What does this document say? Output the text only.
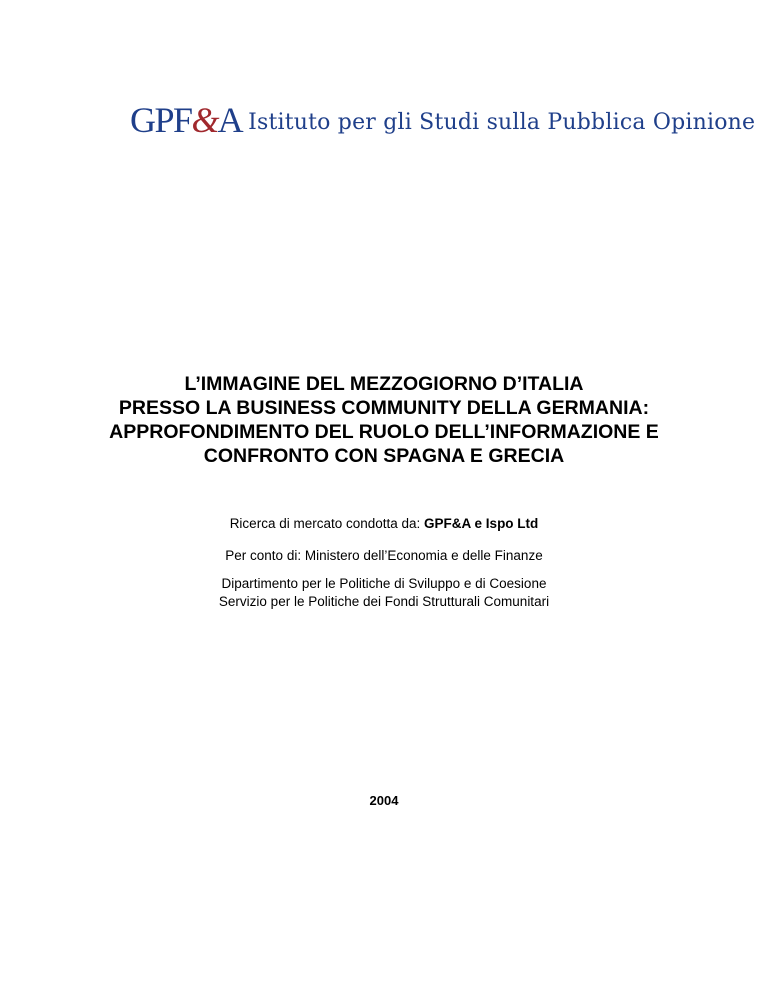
GPF&A Istituto per gli Studi sulla Pubblica Opinione
L’IMMAGINE DEL MEZZOGIORNO D’ITALIA
PRESSO LA BUSINESS COMMUNITY DELLA GERMANIA:
APPROFONDIMENTO DEL RUOLO DELL’INFORMAZIONE E
CONFRONTO CON SPAGNA E GRECIA
Ricerca di mercato condotta da: GPF&A e Ispo Ltd
Per conto di: Ministero dell’Economia e delle Finanze
Dipartimento per le Politiche di Sviluppo e di Coesione
Servizio per le Politiche dei Fondi Strutturali Comunitari
2004
